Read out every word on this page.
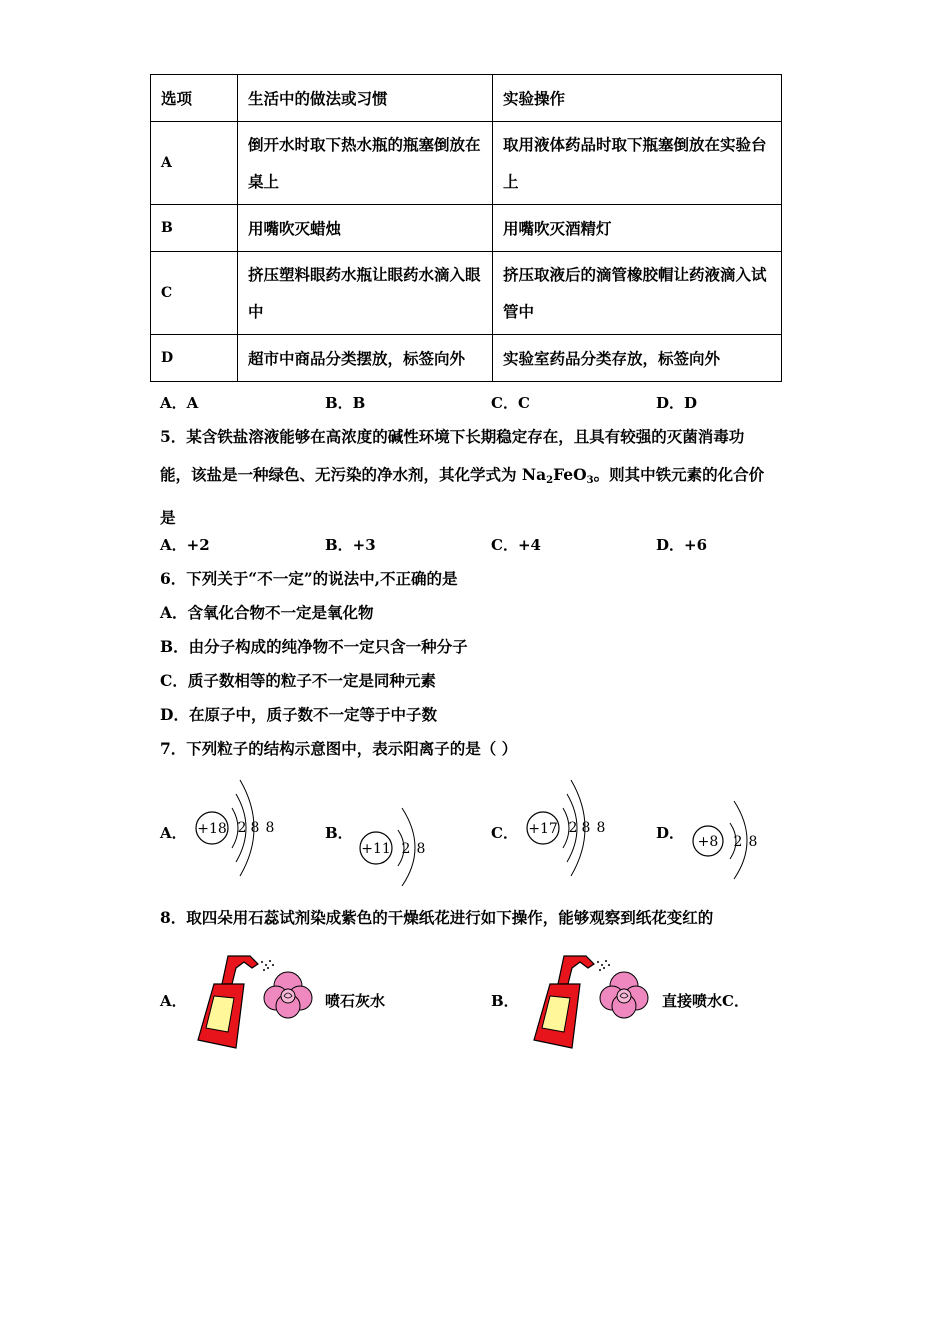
选项	生活中的做法或习惯	实验操作
A	倒开水时取下热水瓶的瓶塞倒放在桌上	取用液体药品时取下瓶塞倒放在实验台上
B	用嘴吹灭蜡烛	用嘴吹灭酒精灯
C	挤压塑料眼药水瓶让眼药水滴入眼中	挤压取液后的滴管橡胶帽让药液滴入试管中
D	超市中商品分类摆放，标签向外	实验室药品分类存放，标签向外
A．A	B．B	C．C	D．D
5．某含铁盐溶液能够在高浓度的碱性环境下长期稳定存在，且具有较强的灭菌消毒功
能，该盐是一种绿色、无污染的净水剂，其化学式为 $Na_2FeO_3$。则其中铁元素的化合价
是
A．+2	B．+3	C．+4	D．+6
6．下列关于“不一定”的说法中,不正确的是
A．含氧化合物不一定是氧化物
B．由分子构成的纯净物不一定只含一种分子
C．质子数相等的粒子不一定是同种元素
D．在原子中，质子数不一定等于中子数
7．下列粒子的结构示意图中，表示阳离子的是（ ）
A． +18 2 8 8	B．
+11 2 8
C． +17 2 8 8	D． +8 2 8
8．取四朵用石蕊试剂染成紫色的干燥纸花进行如下操作，能够观察到纸花变红的
A．	喷石灰水	B．	直接喷水C．
